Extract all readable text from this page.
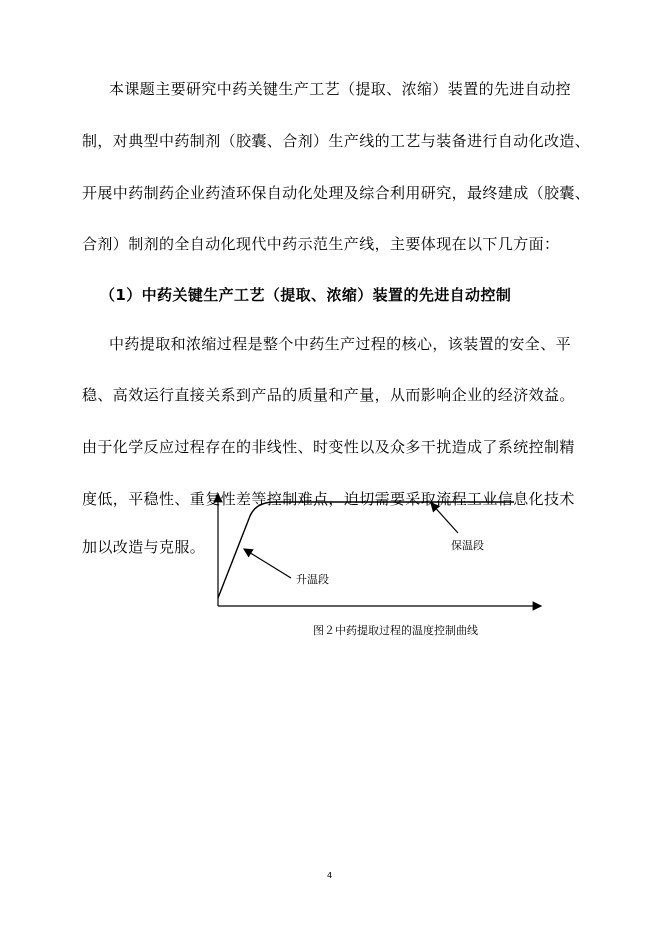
本课题主要研究中药关键生产工艺（提取、浓缩）装置的先进自动控
制，对典型中药制剂（胶囊、合剂）生产线的工艺与装备进行自动化改造、
开展中药制药企业药渣环保自动化处理及综合利用研究，最终建成（胶囊、
合剂）制剂的全自动化现代中药示范生产线，主要体现在以下几方面：
（1）中药关键生产工艺（提取、浓缩）装置的先进自动控制
中药提取和浓缩过程是整个中药生产过程的核心，该装置的安全、平
稳、高效运行直接关系到产品的质量和产量，从而影响企业的经济效益。
由于化学反应过程存在的非线性、时变性以及众多干扰造成了系统控制精
度低，平稳性、重复性差等控制难点，迫切需要采取流程工业信息化技术
加以改造与克服。
升温段
保温段
图２中药提取过程的温度控制曲线
4
